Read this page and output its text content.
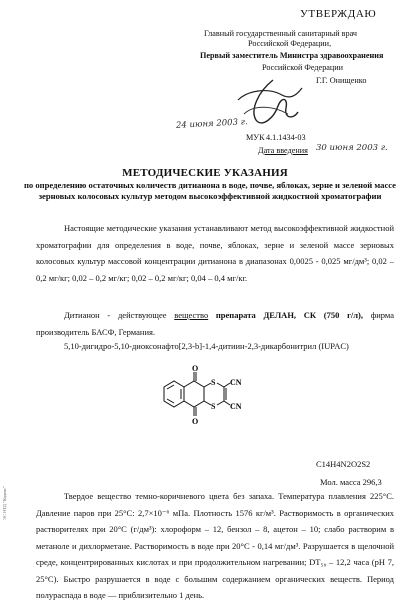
УТВЕРЖДАЮ
Главный государственный санитарный врач
Российской Федерации,
Первый заместитель Министра здравоохранения
Российской Федерации
Г.Г. Онищенко
24 июня 2003 г.
МУК 4.1.1434-03
Дата введения 30 июня 2003 г.
МЕТОДИЧЕСКИЕ УКАЗАНИЯ
по определению остаточных количеств дитианона в воде, почве, яблоках, зерне и зеленой массе зерновых колосовых культур методом высокоэффективной жидкостной хроматографии
Настоящие методические указания устанавливают метод высокоэффективной жидкостной хроматографии для определения в воде, почве, яблоках, зерне и зеленой массе зерновых колосовых культур массовой концентрации дитианона в диапазонах 0,0025 - 0,025 мг/дм³; 0,02 – 0,2 мг/кг; 0,02 – 0,2 мг/кг; 0,02 – 0,2 мг/кг; 0,04 – 0,4 мг/кг.
Дитианон - действующее вещество препарата ДЕЛАН, СК (750 г/л), фирма производитель БАСФ, Германия.
5,10-дигидро-5,10-диоксонафто[2,3-b]-1,4-дитиин-2,3-дикарбонитрил (IUPAC)
O
O
S
S
CN
CN
C14H4N2O2S2
Мол. масса 296,3
Твердое вещество темно-коричневого цвета без запаха. Температура плавления 225°С. Давление паров при 25°С: 2,7×10⁻⁶ мПа. Плотность 1576 кг/м³. Растворимость в органических растворителях при 20°С (г/дм³): хлороформ – 12, бензол – 8, ацетон – 10; слабо растворим в метаноле и дихлорметане. Растворимость в воде при 20°С - 0,14 мг/дм³. Разрушается в щелочной среде, концентрированных кислотах и при продолжительном нагревании; DT₅₀ – 12,2 часа (pH 7, 25°С). Быстро разрушается в воде с большим содержанием органических веществ. Период полураспада в воде — приблизительно 1 день.
ЭС НТД "Кодекс"
